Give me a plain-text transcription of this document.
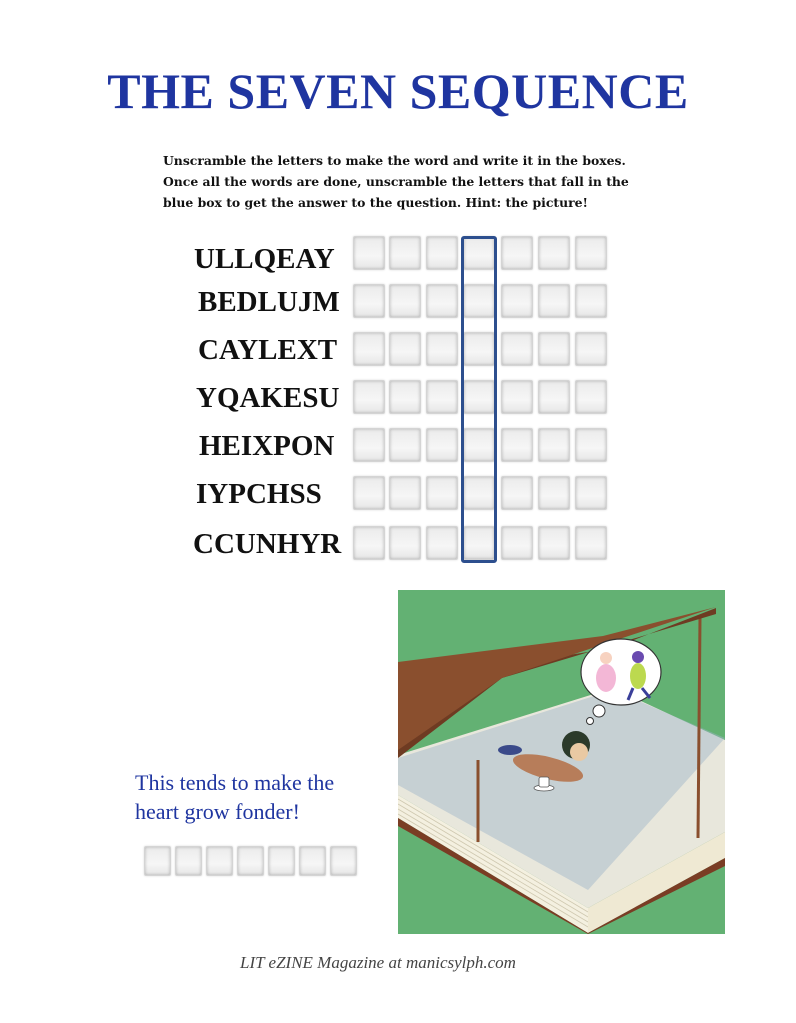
THE SEVEN SEQUENCE
Unscramble the letters to make the word and write it in the boxes.
Once all the words are done, unscramble the letters that fall in the
blue box to get the answer to the question. Hint: the picture!
ULLQEAY
BEDLUJM
CAYLEXT
YQAKESU
HEIXPON
IYPCHSS
CCUNHYR
This tends to make the
heart grow fonder!
LIT eZINE Magazine at manicsylph.com
